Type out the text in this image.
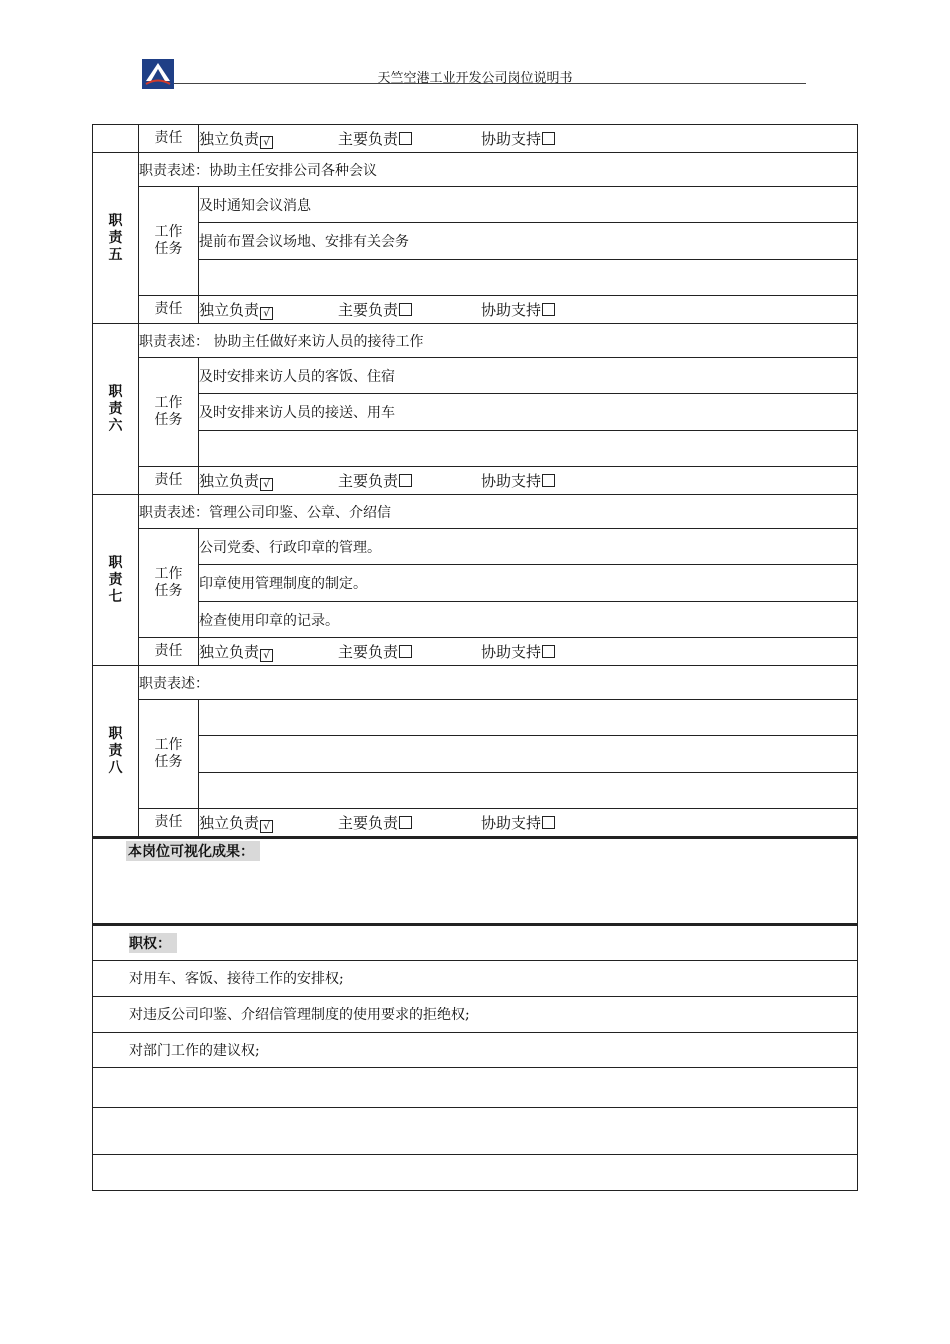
天竺空港工业开发公司岗位说明书
	责任	独立负责 √ 主要负责 协助支持
职责五	职责表述：协助主任安排公司各种会议	
	工作任务	及时通知会议消息
		提前布置会议场地、安排有关会务

	责任	独立负责 √ 主要负责 协助支持
职责六	职责表述： 协助主任做好来访人员的接待工作	
	工作任务	及时安排来访人员的客饭、住宿
		及时安排来访人员的接送、用车

	责任	独立负责 √ 主要负责 协助支持
职责七	职责表述：管理公司印鉴、公章、介绍信	
	工作任务	公司党委、行政印章的管理。
		印章使用管理制度的制定。
		检查使用印章的记录。
	责任	独立负责 √ 主要负责 协助支持
职责八	职责表述：	
	工作任务	

	责任	独立负责 √ 主要负责 协助支持
本岗位可视化成果：
职权：
对用车、客饭、接待工作的安排权;
对违反公司印鉴、介绍信管理制度的使用要求的拒绝权;
对部门工作的建议权;
